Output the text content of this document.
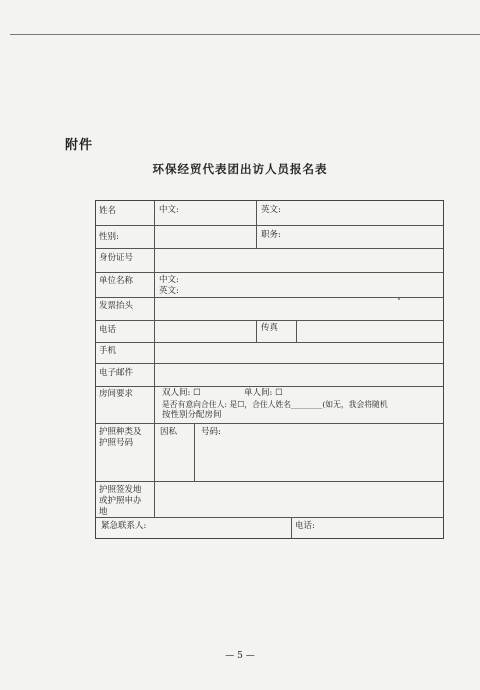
附件
环保经贸代表团出访人员报名表
姓名	中文:	英文:
性别:	职务:
身份证号
单位名称	中文:
英文:
发票抬头
电话	传真
手机
电子邮件
房间要求	双人间: ☐	单人间: ☐
是否有意向合住人: 是☐，合住人姓名________(如无，我会将随机
按性别分配房间
护照种类及
护照号码
因私	号码:
护照签发地
或护照申办
地
紧急联系人:	电话:
— 5 —
